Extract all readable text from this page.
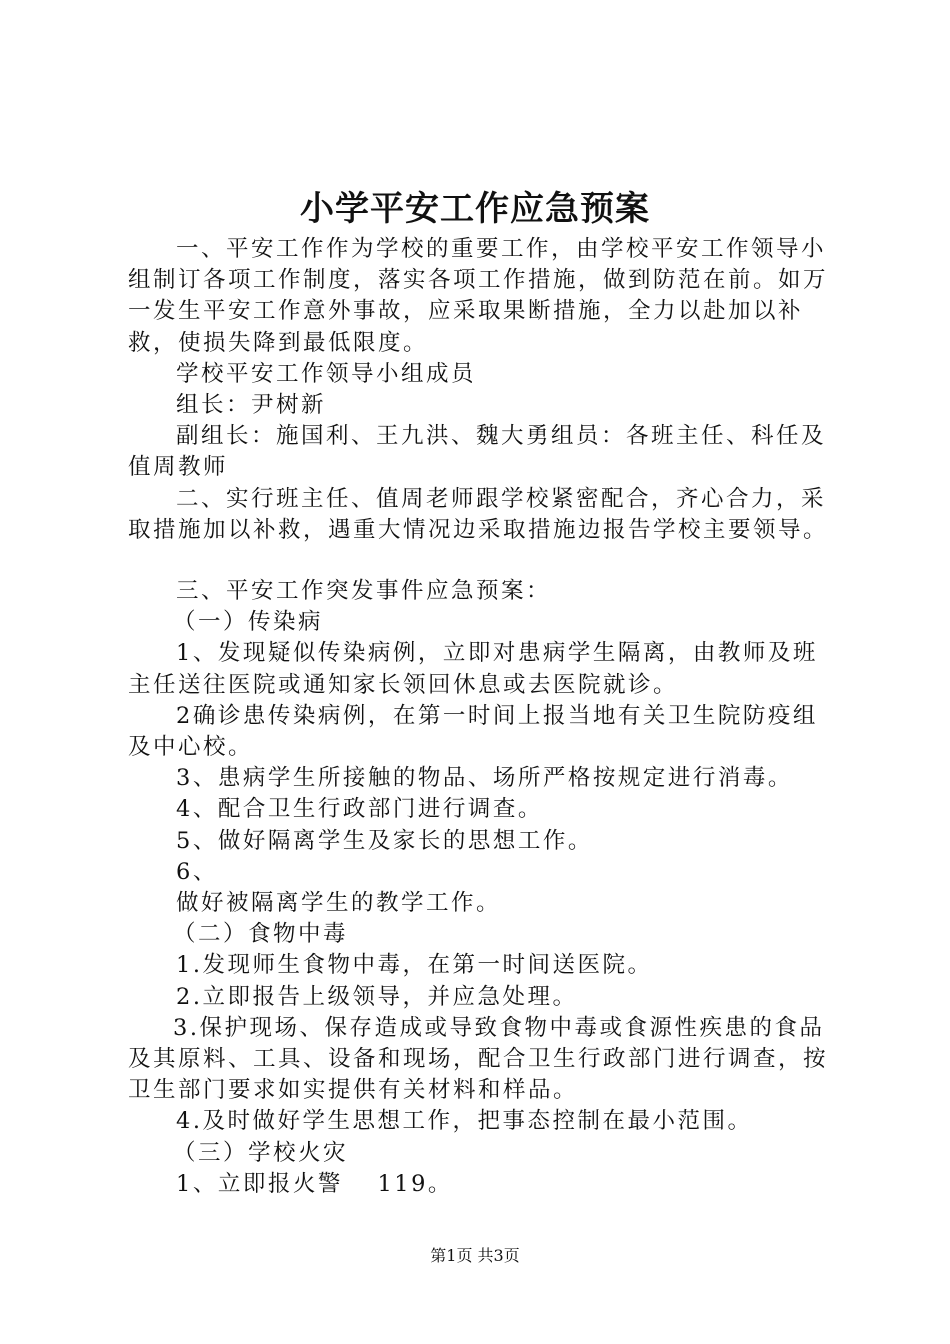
小学平安工作应急预案

一、平安工作作为学校的重要工作，由学校平安工作领导小组制订各项工作制度，落实各项工作措施，做到防范在前。如万一发生平安工作意外事故，应采取果断措施，全力以赴加以补救，使损失降到最低限度。

学校平安工作领导小组成员

组长：尹树新

副组长：施国利、王九洪、魏大勇组员：各班主任、科任及值周教师

二、实行班主任、值周老师跟学校紧密配合，齐心合力，采取措施加以补救，遇重大情况边采取措施边报告学校主要领导。

三、平安工作突发事件应急预案：

（一）传染病

1、发现疑似传染病例，立即对患病学生隔离，由教师及班主任送往医院或通知家长领回休息或去医院就诊。

2确诊患传染病例，在第一时间上报当地有关卫生院防疫组及中心校。

3、患病学生所接触的物品、场所严格按规定进行消毒。

4、配合卫生行政部门进行调查。

5、做好隔离学生及家长的思想工作。

6、

做好被隔离学生的教学工作。

（二）食物中毒

1.发现师生食物中毒，在第一时间送医院。

2.立即报告上级领导，并应急处理。

3.保护现场、保存造成或导致食物中毒或食源性疾患的食品及其原料、工具、设备和现场，配合卫生行政部门进行调查，按卫生部门要求如实提供有关材料和样品。

4.及时做好学生思想工作，把事态控制在最小范围。

（三）学校火灾

1、立即报火警　 119。

第1页 共3页
